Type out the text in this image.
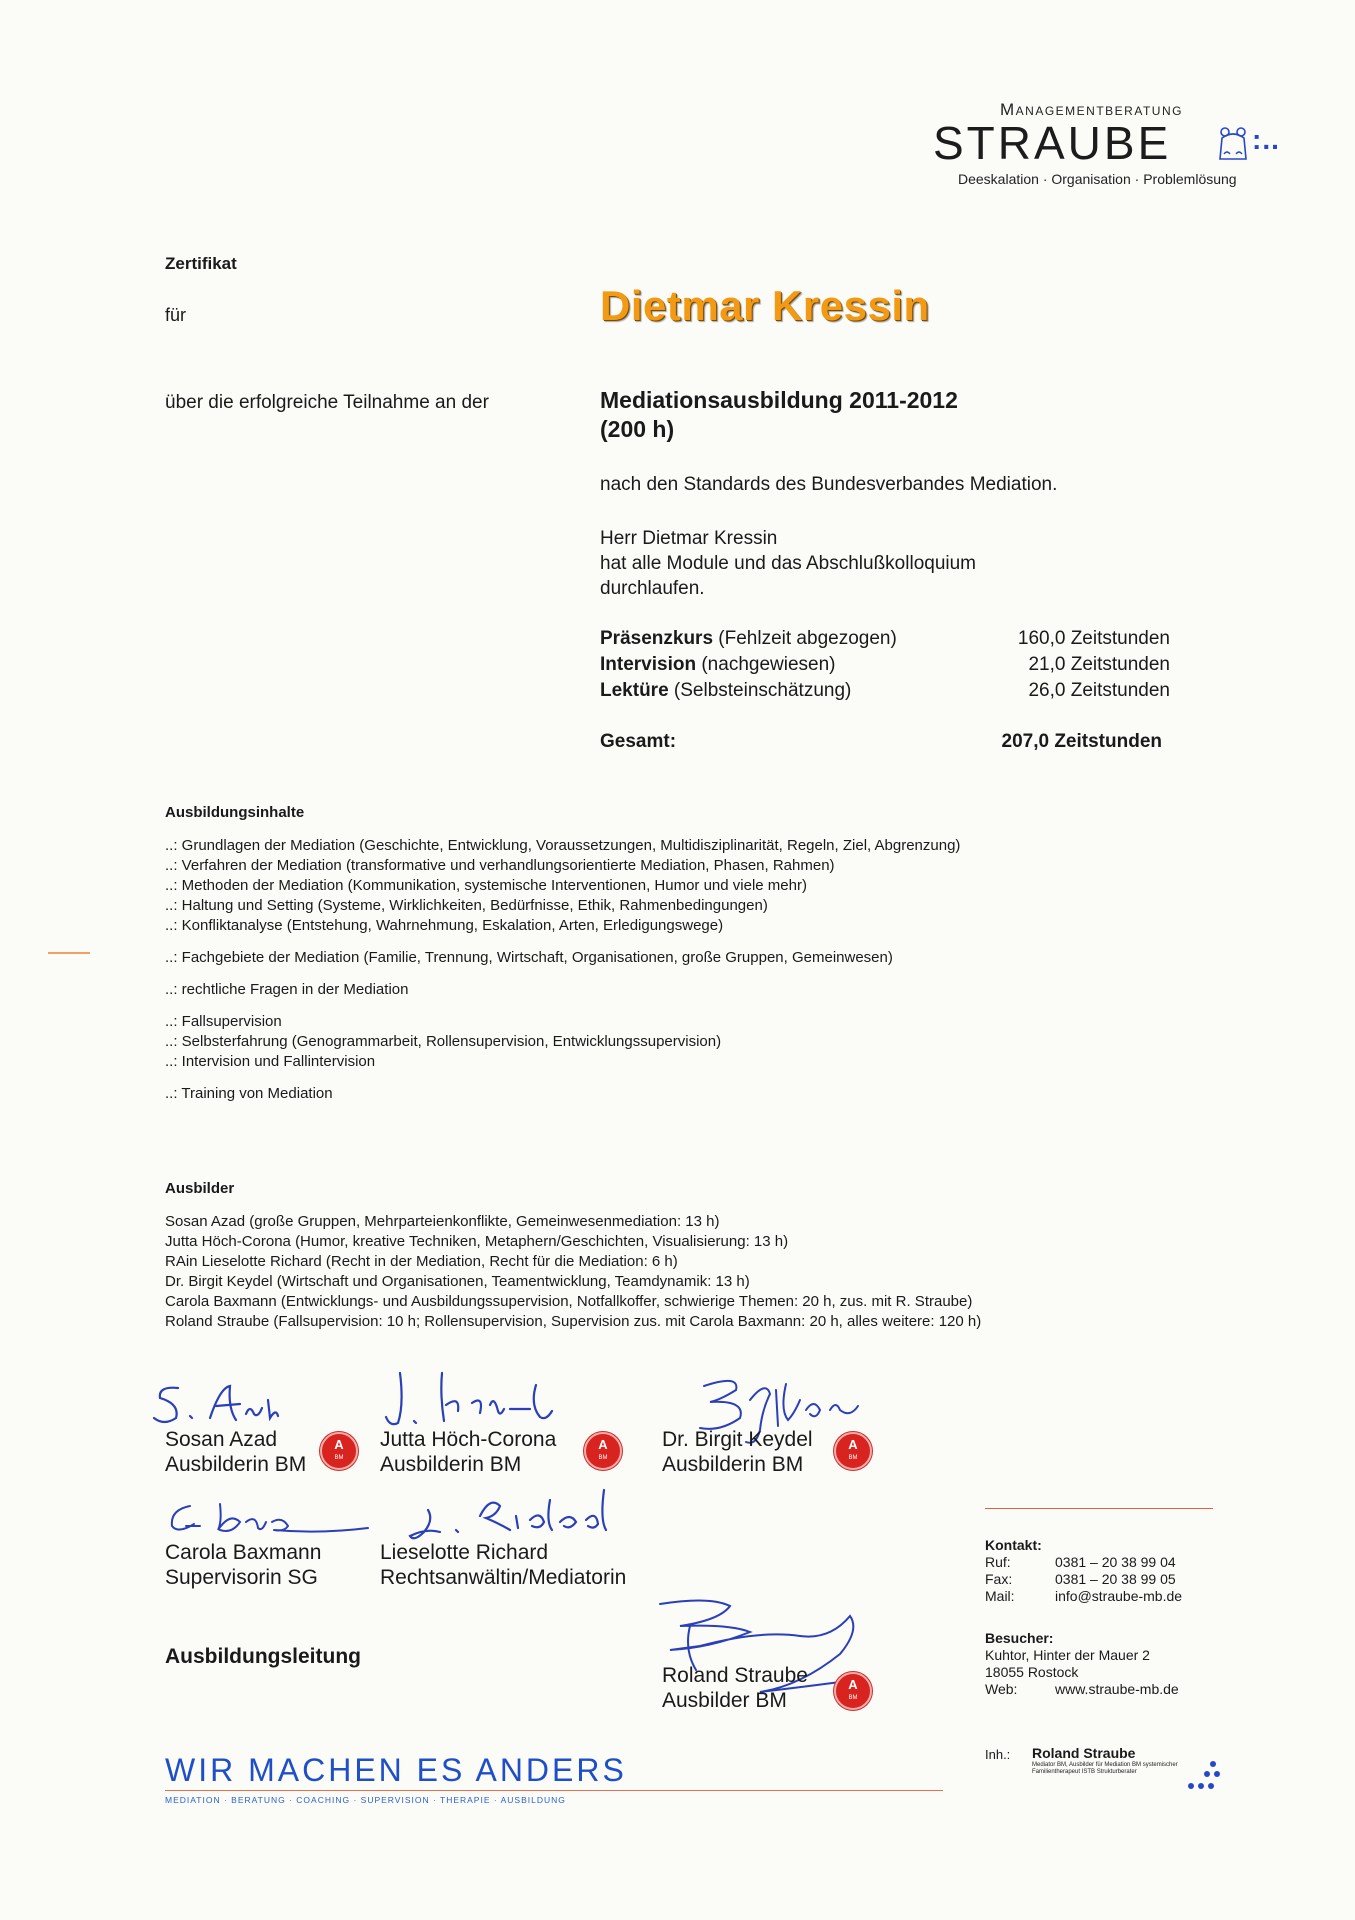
Managementberatung
STRAUBE	:..
Deeskalation · Organisation · Problemlösung
Zertifikat
für	Dietmar Kressin
über die erfolgreiche Teilnahme an der	Mediationsausbildung 2011-2012
(200 h)
nach den Standards des Bundesverbandes Mediation.
Herr Dietmar Kressin
hat alle Module und das Abschlußkolloquium
durchlaufen.
Präsenzkurs (Fehlzeit abgezogen)	160,0 Zeitstunden
Intervision (nachgewiesen)	21,0 Zeitstunden
Lektüre (Selbsteinschätzung)	26,0 Zeitstunden
Gesamt:	207,0 Zeitstunden
Ausbildungsinhalte
..: Grundlagen der Mediation (Geschichte, Entwicklung, Voraussetzungen, Multidisziplinarität, Regeln, Ziel, Abgrenzung)
..: Verfahren der Mediation (transformative und verhandlungsorientierte Mediation, Phasen, Rahmen)
..: Methoden der Mediation (Kommunikation, systemische Interventionen, Humor und viele mehr)
..: Haltung und Setting (Systeme, Wirklichkeiten, Bedürfnisse, Ethik, Rahmenbedingungen)
..: Konfliktanalyse (Entstehung, Wahrnehmung, Eskalation, Arten, Erledigungswege)
..: Fachgebiete der Mediation (Familie, Trennung, Wirtschaft, Organisationen, große Gruppen, Gemeinwesen)
..: rechtliche Fragen in der Mediation
..: Fallsupervision
..: Selbsterfahrung (Genogrammarbeit, Rollensupervision, Entwicklungssupervision)
..: Intervision und Fallintervision
..: Training von Mediation
Ausbilder
Sosan Azad (große Gruppen, Mehrparteienkonflikte, Gemeinwesenmediation: 13 h)
Jutta Höch-Corona (Humor, kreative Techniken, Metaphern/Geschichten, Visualisierung: 13 h)
RAin Lieselotte Richard (Recht in der Mediation, Recht für die Mediation: 6 h)
Dr. Birgit Keydel (Wirtschaft und Organisationen, Teamentwicklung, Teamdynamik: 13 h)
Carola Baxmann (Entwicklungs- und Ausbildungssupervision, Notfallkoffer, schwierige Themen: 20 h, zus. mit R. Straube)
Roland Straube (Fallsupervision: 10 h; Rollensupervision, Supervision zus. mit Carola Baxmann: 20 h, alles weitere: 120 h)
Sosan Azad
Ausbilderin BM
A
BM
Jutta Höch-Corona
Ausbilderin BM
A
BM
Dr. Birgit Keydel
Ausbilderin BM
A
BM
Carola Baxmann
Supervisorin SG
Lieselotte Richard
Rechtsanwältin/Mediatorin
Ausbildungsleitung
Roland Straube
Ausbilder BM
A
BM
Kontakt:
Ruf:	0381 – 20 38 99 04
Fax:	0381 – 20 38 99 05
Mail:	info@straube-mb.de
Besucher:
Kuhtor, Hinter der Mauer 2
18055 Rostock
Web:	www.straube-mb.de
Inh.: Roland Straube
Mediator BM, Ausbilder für Mediation BM systemischer Familientherapeut ISTB Strukturberater
WIR MACHEN ES ANDERS
MEDIATION · BERATUNG · COACHING · SUPERVISION · THERAPIE · AUSBILDUNG
